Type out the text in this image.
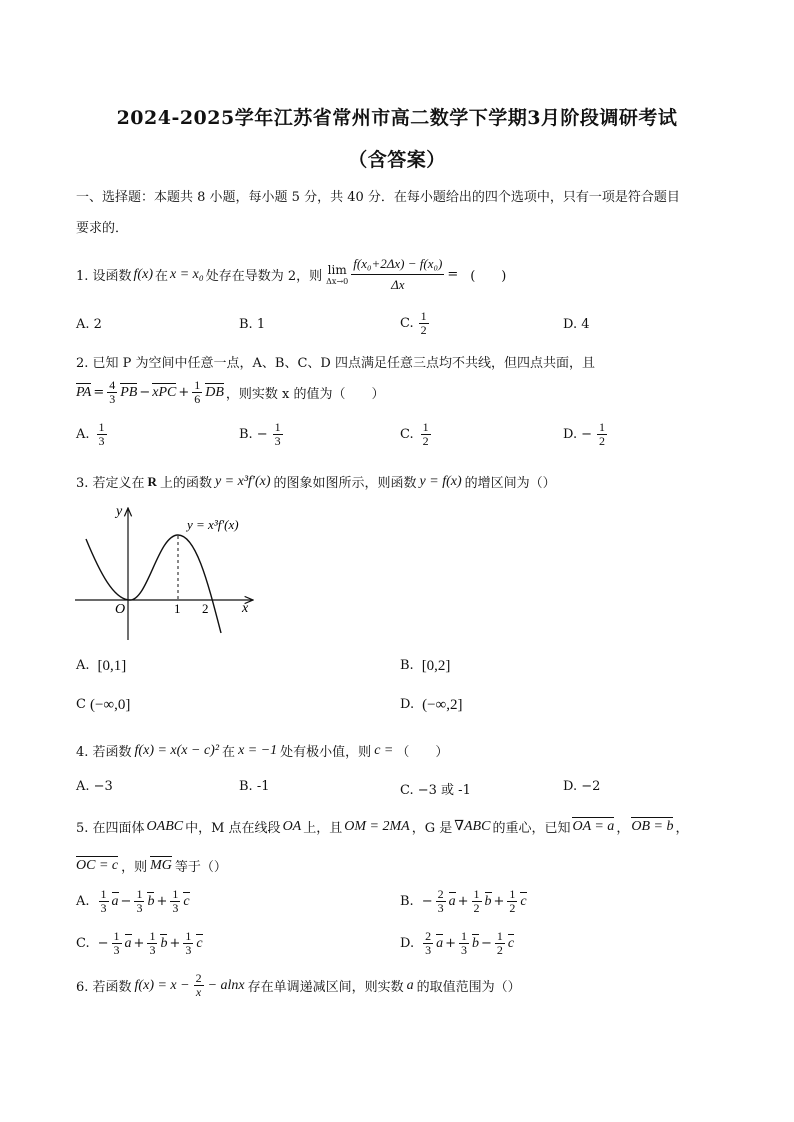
2024-2025学年江苏省常州市高二数学下学期3月阶段调研考试
（含答案）
一、选择题：本题共 8 小题，每小题 5 分，共 40 分．在每小题给出的四个选项中，只有一项是符合题目
要求的．
1. 设函数 f(x) 在 x = x₀ 处存在导数为 2，则 lim
$\Delta x\to 0 \frac{\text{f(x₀+2Δx) − f(x₀)}}{\Delta x}$ = (　　)
A. 2	B. 1	C. $\frac{1}{2}$	D. 4
2. 已知 P 为空间中任意一点，A、B、C、D 四点满足任意三点均不共线，但四点共面，且
PA = $\frac{4}{3}$ PB − xPC + $\frac{1}{6}$ DB ，则实数 x 的值为（　　）
A. $\frac{1}{3}$	B. − $\frac{1}{3}$	C. $\frac{1}{2}$	D. − $\frac{1}{2}$
3. 若定义在 R 上的函数 y = x³f′(x) 的图象如图所示，则函数 y = f(x) 的增区间为（）
y
x
O	1 2
y = x³f′(x)
A. [0,1]	B. [0,2]
C (−∞,0]	D. (−∞,2]
4. 若函数 f(x) = x(x − c)² 在 x = −1 处有极小值，则 c = （　　）
A. −3	B. -1	C. −3 或 -1	D. −2
5. 在四面体 OABC 中，M 点在线段 OA 上，且 OM = 2MA ，G 是 ∇ABC 的重心，已知 OA = a ， OB = b ，
OC = c ，则 MG 等于（）
A. $\frac{1}{3}$ $a - \frac{1}{3}$ $b + \frac{1}{3}$ c	B. − $\frac{2}{3}$ $a + \frac{1}{2}$ $b + \frac{1}{2}$ c
C. − $\frac{1}{3}$ $a + \frac{1}{3}$ $b + \frac{1}{3}$ c	D. $\frac{2}{3}$ $a + \frac{1}{3}$ $b - \frac{1}{2}$ c
6. 若函数 $f(x) = x - \frac{2}{x} - alnx$ 存在单调递减区间，则实数 a 的取值范围为（）
